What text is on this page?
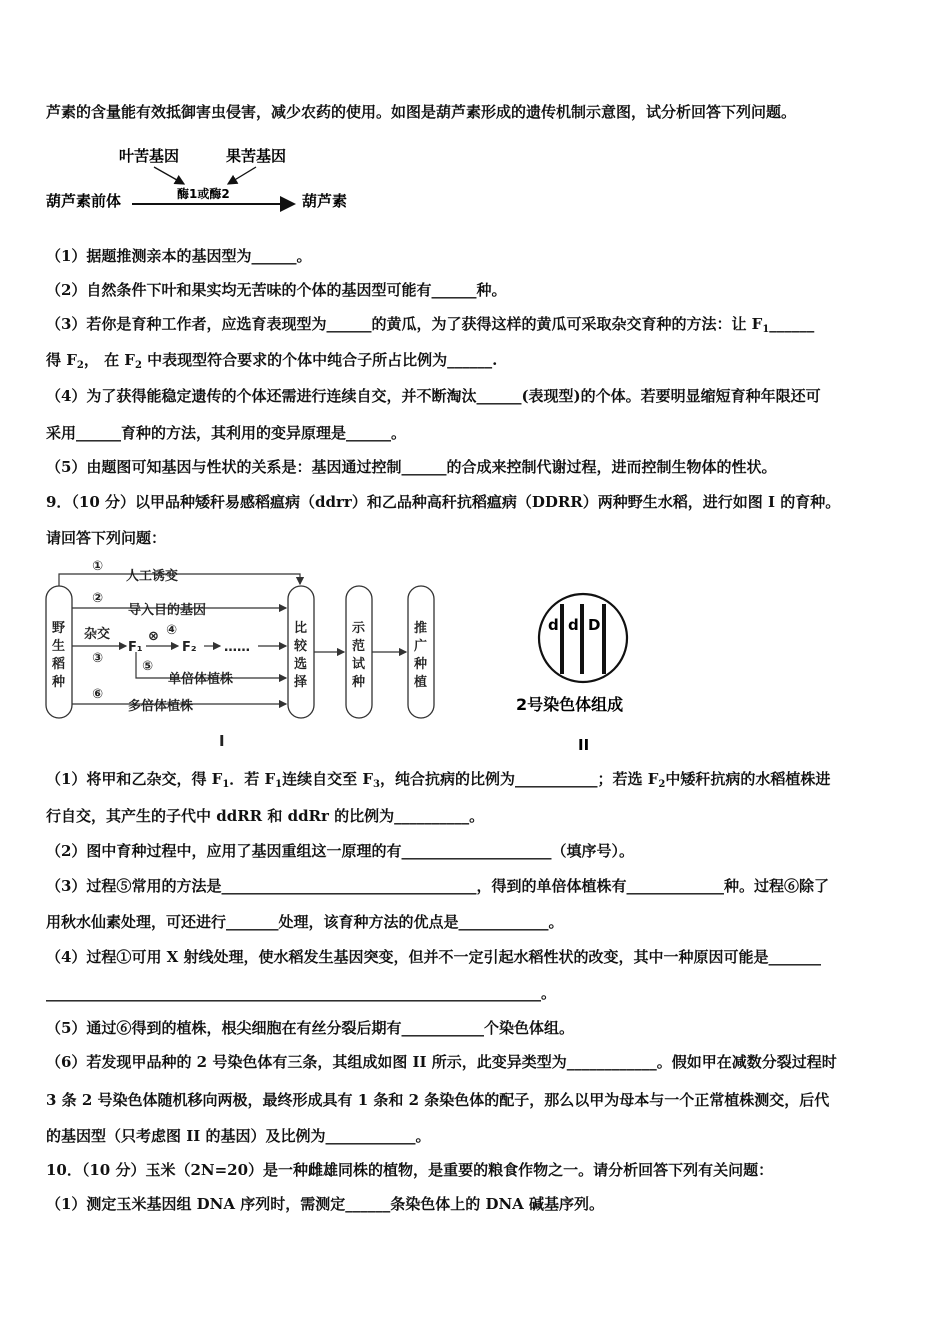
芦素的含量能有效抵御害虫侵害，减少农药的使用。如图是葫芦素形成的遗传机制示意图，试分析回答下列问题。
叶苦基因	果苦基因
酶1或酶2
葫芦素前体	葫芦素
（1）据题推测亲本的基因型为______。
（2）自然条件下叶和果实均无苦味的个体的基因型可能有______种。
（3）若你是育种工作者，应选育表现型为______的黄瓜，为了获得这样的黄瓜可采取杂交育种的方法：让 $F_1\_\_\_\_\_\_$
得 $F_2$， 在 $F_2$ 中表现型符合要求的个体中纯合子所占比例为______.
（4）为了获得能稳定遗传的个体还需进行连续自交，并不断淘汰______(表现型)的个体。若要明显缩短育种年限还可
采用______育种的方法，其利用的变异原理是______。
（5）由题图可知基因与性状的关系是：基因通过控制______的合成来控制代谢过程，进而控制生物体的性状。
9．（10 分）以甲品种矮秆易感稻瘟病（ddrr）和乙品种高秆抗稻瘟病（DDRR）两种野生水稻，进行如图 I 的育种。
请回答下列问题：
野
生
稻
种
比
较
选
择
示
范
试
种
推
广
种
植
①
人工诱变
②
导入目的基因
杂交
③
F₁
⊗ ④
F₂ ……
⑤
单倍体植株
⑥
多倍体植株
I
d d D
2号染色体组成
II
（1）将甲和乙杂交，得 $F_1$．若 $F_1$连续自交至 $F_3$，纯合抗病的比例为___________；若选 $F_2$中矮秆抗病的水稻植株进
行自交，其产生的子代中 ddRR 和 ddRr 的比例为__________。
（2）图中育种过程中，应用了基因重组这一原理的有____________________（填序号）。
（3）过程⑤常用的方法是__________________________________，得到的单倍体植株有_____________种。过程⑥除了
用秋水仙素处理，可还进行_______处理，该育种方法的优点是____________。
（4）过程①可用 X 射线处理，使水稻发生基因突变，但并不一定引起水稻性状的改变，其中一种原因可能是_______
__________________________________________________________________。
（5）通过⑥得到的植株，根尖细胞在有丝分裂后期有___________个染色体组。
（6）若发现甲品种的 2 号染色体有三条，其组成如图 II 所示，此变异类型为____________。假如甲在减数分裂过程时
3 条 2 号染色体随机移向两极，最终形成具有 1 条和 2 条染色体的配子，那么以甲为母本与一个正常植株测交，后代
的基因型（只考虑图 II 的基因）及比例为____________。
10．（10 分）玉米（2N=20）是一种雌雄同株的植物，是重要的粮食作物之一。请分析回答下列有关问题：
（1）测定玉米基因组 DNA 序列时，需测定______条染色体上的 DNA 碱基序列。
